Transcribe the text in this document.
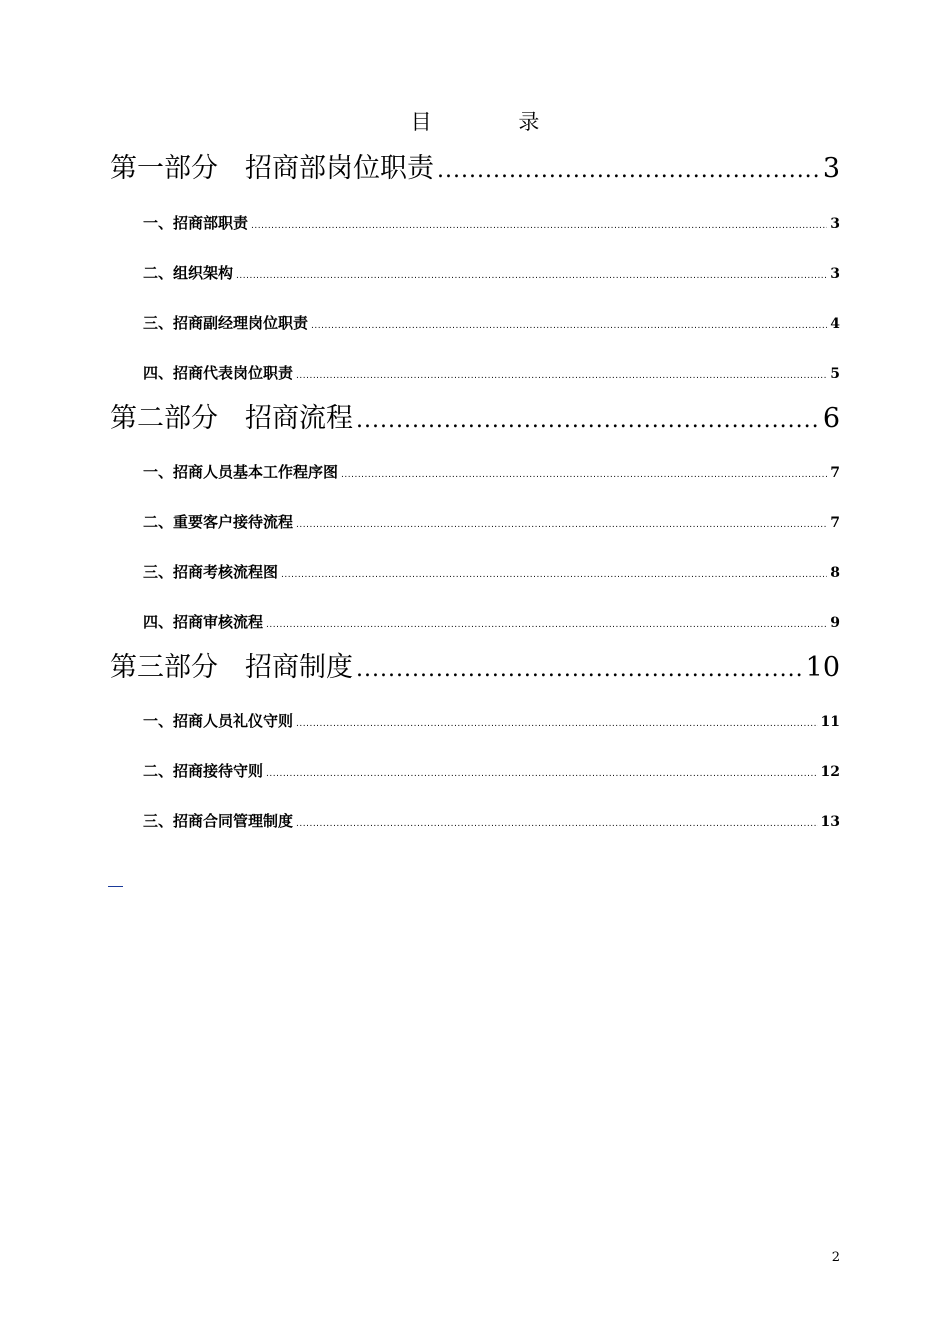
目 录
第一部分　招商部岗位职责 .....	3
一、招商部职责 .....	3
二、组织架构 .....	3
三、招商副经理岗位职责 .....	4
四、招商代表岗位职责 .....	5
第二部分　招商流程 .....	6
一、招商人员基本工作程序图 .....	7
二、重要客户接待流程 .....	7
三、招商考核流程图 .....	8
四、招商审核流程 .....	9
第三部分　招商制度 .....	10
一、招商人员礼仪守则 .....	11
二、招商接待守则 .....	12
三、招商合同管理制度 .....	13
2
